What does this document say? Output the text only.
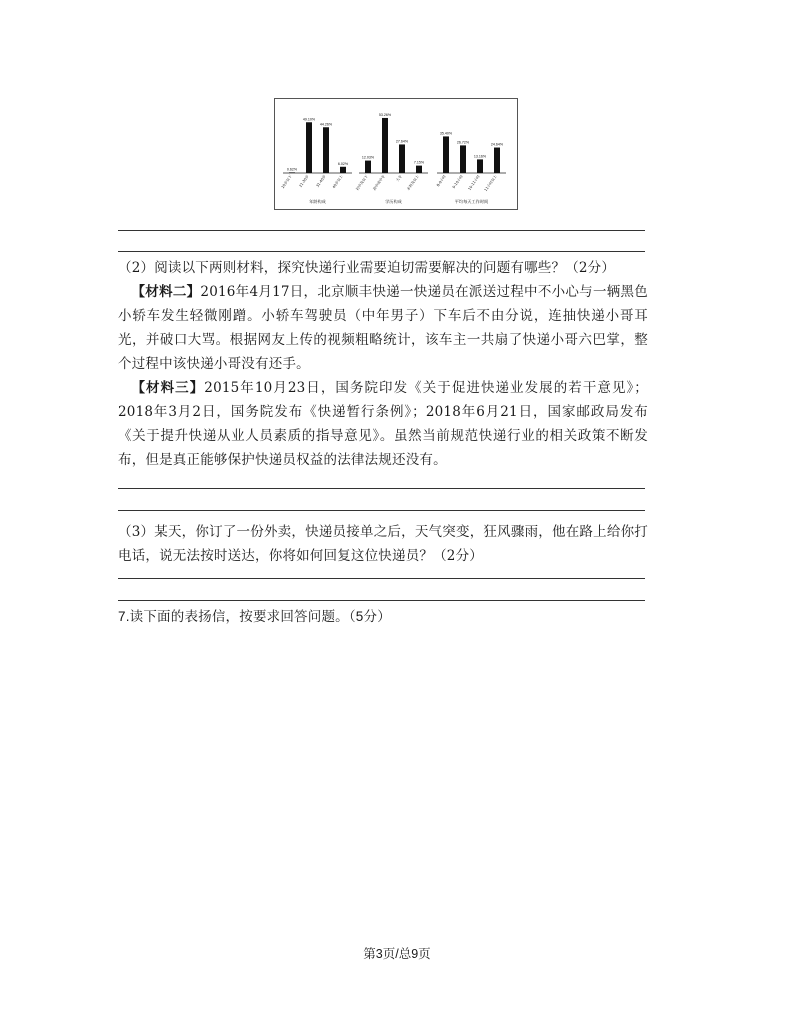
0.62%
20岁以下
49.10%
21-30岁
44.26%
31-40岁
6.02%
40岁以上
年龄构成
12.03%
初中及以下
53.26%
高中或中专
27.64%
大专
7.15%
本科及以上
学历构成
35.40%
8-9小时
26.72%
9-10小时
13.16%
10-11小时
24.64%
11小时以上
平均每天工作时间

（2）阅读以下两则材料，探究快递行业需要迫切需要解决的问题有哪些？（2分）

【材料二】2016年4月17日，北京顺丰快递一快递员在派送过程中不小心与一辆黑色小轿车发生轻微刚蹭。小轿车驾驶员（中年男子）下车后不由分说，连抽快递小哥耳光，并破口大骂。根据网友上传的视频粗略统计，该车主一共扇了快递小哥六巴掌，整个过程中该快递小哥没有还手。

【材料三】2015年10月23日，国务院印发《关于促进快递业发展的若干意见》；2018年3月2日，国务院发布《快递暂行条例》；2018年6月21日，国家邮政局发布《关于提升快递从业人员素质的指导意见》。虽然当前规范快递行业的相关政策不断发布，但是真正能够保护快递员权益的法律法规还没有。

（3）某天，你订了一份外卖，快递员接单之后，天气突变，狂风骤雨，他在路上给你打电话，说无法按时送达，你将如何回复这位快递员？（2分）

7.读下面的表扬信，按要求回答问题。（5分）

第3页/总9页
